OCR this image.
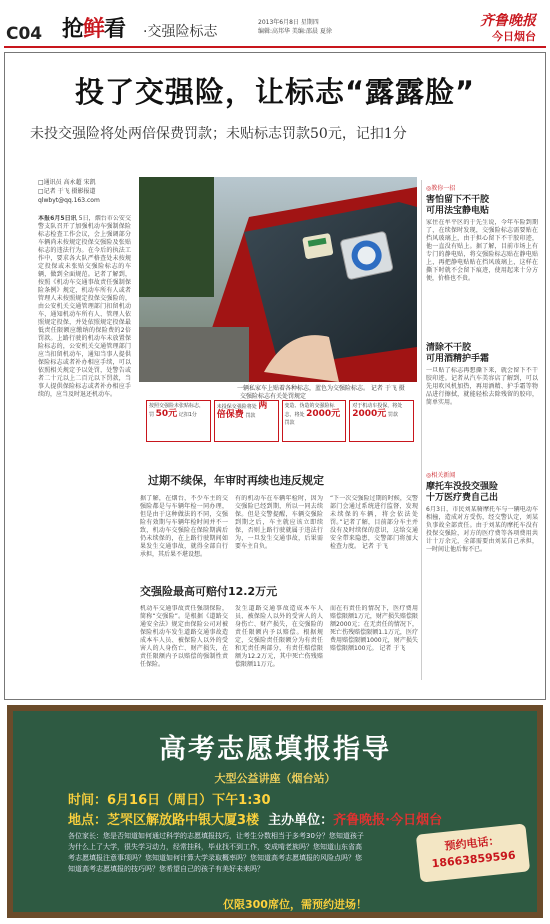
C04 抢鲜看 ·交强险标志
2013年6月8日 星期四
编辑:高邦华 美编:邵晨 夏徐
齐鲁晚报
今日烟台
投了交强险，让标志“露露脸”
未投交强险将处两倍保费罚款；未贴标志罚款50元，记扣1分
□通讯员 高永超 宋凯
□记者 于飞 摄影报道
qlwbyt@qq.163.com
本报6月5日讯 5日，烟台市公安交警支队召开了加强机动车强制保险标志检查工作会议，会上强调部分车辆尚未按规定投保交强险及张贴标志的违法行为。在今后的执法工作中，要求各大队严格查处未按规定投保或未张贴交强险标志的车辆，做到全面规范。记者了解到，按照《机动车交通事故责任强制保险条例》规定，机动车所有人或者管理人未按照规定投保交强险的，由公安机关交通管理部门扣留机动车，通知机动车所有人、管理人依照规定投保，并处依照规定投保最低责任限额应缴纳的保险费的2倍罚款。上路行驶的机动车未放置保险标志的，公安机关交通管理部门应当扣留机动车，通知当事人提供保险标志或者补办相应手续，可以依照相关规定予以处罚，处警告或者二十元以上二百元以下罚款，当事人提供保险标志或者补办相应手续的，应当及时退还机动车。
一辆私家车上贴着各种标志，蓝色为交强险标志。 记者 于飞 摄
交强险标志有关处罚规定
按照交强险未张贴标志，罚 50元 记扣1分
未投保交强险将处 两倍保费 罚款
变造、伪造的交强险标志，将处 2000元 罚款
对于机动车投保，将处 2000元 罚款
过期不续保，年审时再续也违反规定
据了解，在烟台，不少车主的交强险都是与车辆年检一同办理，但是由于这种做法的不同，交强险有效期与车辆年检时间并不一致，机动车交强险在保险期满后仍未续保的，在上路行驶期间如果发生交通事故，就得全部自行承担，其后果不堪设想。
有的机动车在车辆年检时，因为交强险已经到期，所以一同去续保。但是交警提醒，车辆交强险到期之后，车主就应该立即续保，否则上路行驶就属于违法行为，一旦发生交通事故，后果需要车主自负。
“下一次交强险过期的时候，交警部门会通过系统进行监督，发现未续保的车辆，将会依法处罚。”记者了解，目前部分车主并没有及时续保的意识，这给交通安全带来隐患，交警部门将加大检查力度。 记者 于飞
交强险最高可赔付12.2万元
机动车交通事故责任强制保险，简称“交强险”。是根据《道路交通安全法》规定由保险公司对被保险机动车发生道路交通事故造成本车人员、被保险人以外的受害人的人身伤亡、财产损失，在责任限额内予以赔偿的强制性责任保险。
发生道路交通事故造成本车人员、被保险人以外的受害人的人身伤亡、财产损失，在交强险的责任限额内予以赔偿。根据规定，交强险责任限额分为有责任和无责任两部分，有责任赔偿限额为12.2万元，其中死亡伤残赔偿限额11万元。
而在有责任的情况下，医疗费用赔偿限额1万元，财产损失赔偿限额2000元；在无责任的情况下，死亡伤残赔偿限额1.1万元，医疗费用赔偿限额1000元，财产损失赔偿限额100元。 记者 于飞
◎教你一招
害怕留下不干胶
可用法宝静电贴
家住在牟平区的于先生说，今年车险到期了，在续保时发现，交强险标志需要贴在挡风玻璃上，由于担心留下不干胶印迹，他一直没有贴上。据了解，目前市场上有专门的静电贴，将交强险标志贴在静电贴上，再把静电贴贴在挡风玻璃上，这样在撕下时就不会留下痕迹，使用起来十分方便，价格也不贵。
清除不干胶
可用酒精护手霜
一旦贴了标志再想撕下来，就会留下不干胶印迹。记者从汽车美容店了解到，可以先用吹风机加热，再用酒精、护手霜等物品进行擦拭，就能轻松去除残留的胶印，简单实用。
◎相关新闻
摩托车没投交强险
十万医疗费自己出
6月3日，市民刘某骑摩托车与一辆电动车相撞，造成对方受伤，经交警认定，刘某负事故全部责任。由于刘某的摩托车没有投保交强险，对方的医疗费等各项费用共计十万余元，全部需要由刘某自己承担，一时间让他后悔不已。
高考志愿填报指导
大型公益讲座（烟台站）
时间：6月16日（周日）下午1:30
地点：芝罘区解放路中银大厦3楼 主办单位：齐鲁晚报·今日烟台
各位家长：您是否知道如何通过科学的志愿填报技巧，让考生分数相当于多考30分？您知道孩子为什么上了大学，很失学习动力，经常挂科，毕业找不到工作，变成啃老族吗？您知道山东省高考志愿填报注意事项吗？您知道如何计算大学录取概率吗？您知道高考志愿填报的风险点吗？您知道高考志愿填报的技巧吗？您希望自己的孩子有美好未来吗？
预约电话：
18663859596
仅限300席位，需预约进场！
